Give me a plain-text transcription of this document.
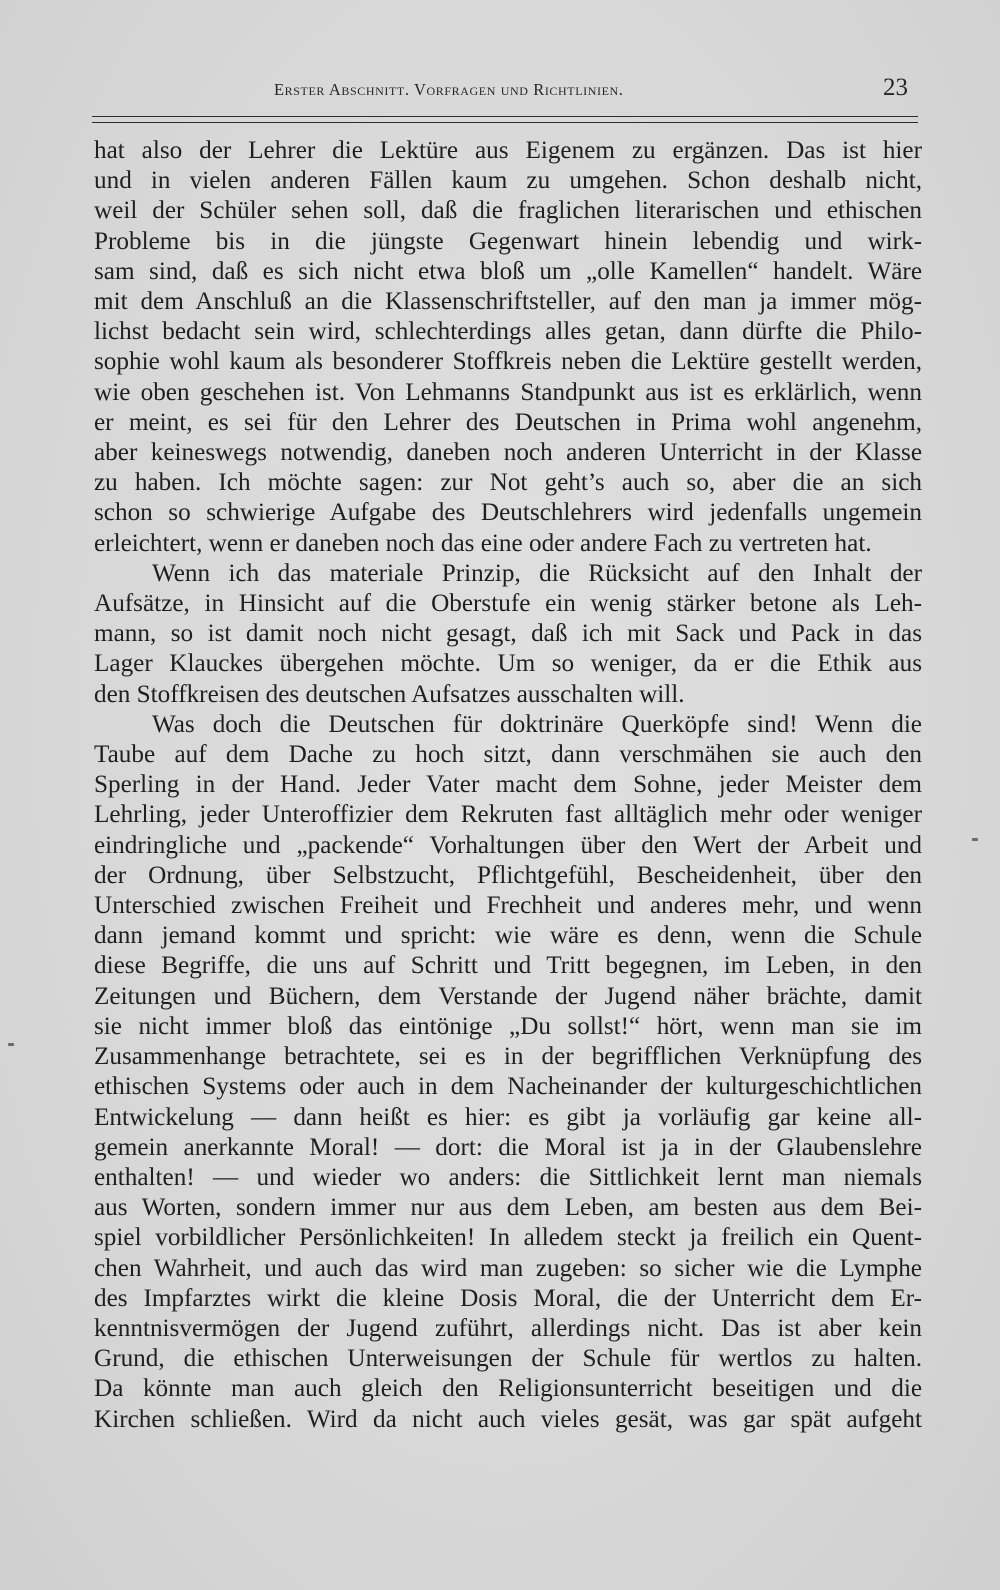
Erster Abschnitt. Vorfragen und Richtlinien.	23

hat also der Lehrer die Lektüre aus Eigenem zu ergänzen. Das ist hier

und in vielen anderen Fällen kaum zu umgehen. Schon deshalb nicht,

weil der Schüler sehen soll, daß die fraglichen literarischen und ethischen

Probleme bis in die jüngste Gegenwart hinein lebendig und wirk-

sam sind, daß es sich nicht etwa bloß um „olle Kamellen“ handelt. Wäre

mit dem Anschluß an die Klassenschriftsteller, auf den man ja immer mög-

lichst bedacht sein wird, schlechterdings alles getan, dann dürfte die Philo-

sophie wohl kaum als besonderer Stoffkreis neben die Lektüre gestellt werden,

wie oben geschehen ist. Von Lehmanns Standpunkt aus ist es erklärlich, wenn

er meint, es sei für den Lehrer des Deutschen in Prima wohl angenehm,

aber keineswegs notwendig, daneben noch anderen Unterricht in der Klasse

zu haben. Ich möchte sagen: zur Not geht’s auch so, aber die an sich

schon so schwierige Aufgabe des Deutschlehrers wird jedenfalls ungemein

erleichtert, wenn er daneben noch das eine oder andere Fach zu vertreten hat.

Wenn ich das materiale Prinzip, die Rücksicht auf den Inhalt der

Aufsätze, in Hinsicht auf die Oberstufe ein wenig stärker betone als Leh-

mann, so ist damit noch nicht gesagt, daß ich mit Sack und Pack in das

Lager Klauckes übergehen möchte. Um so weniger, da er die Ethik aus

den Stoffkreisen des deutschen Aufsatzes ausschalten will.

Was doch die Deutschen für doktrinäre Querköpfe sind! Wenn die

Taube auf dem Dache zu hoch sitzt, dann verschmähen sie auch den

Sperling in der Hand. Jeder Vater macht dem Sohne, jeder Meister dem

Lehrling, jeder Unteroffizier dem Rekruten fast alltäglich mehr oder weniger

eindringliche und „packende“ Vorhaltungen über den Wert der Arbeit und

der Ordnung, über Selbstzucht, Pflichtgefühl, Bescheidenheit, über den

Unterschied zwischen Freiheit und Frechheit und anderes mehr, und wenn

dann jemand kommt und spricht: wie wäre es denn, wenn die Schule

diese Begriffe, die uns auf Schritt und Tritt begegnen, im Leben, in den

Zeitungen und Büchern, dem Verstande der Jugend näher brächte, damit

sie nicht immer bloß das eintönige „Du sollst!“ hört, wenn man sie im

Zusammenhange betrachtete, sei es in der begrifflichen Verknüpfung des

ethischen Systems oder auch in dem Nacheinander der kulturgeschichtlichen

Entwickelung — dann heißt es hier: es gibt ja vorläufig gar keine all-

gemein anerkannte Moral! — dort: die Moral ist ja in der Glaubenslehre

enthalten! — und wieder wo anders: die Sittlichkeit lernt man niemals

aus Worten, sondern immer nur aus dem Leben, am besten aus dem Bei-

spiel vorbildlicher Persönlichkeiten! In alledem steckt ja freilich ein Quent-

chen Wahrheit, und auch das wird man zugeben: so sicher wie die Lymphe

des Impfarztes wirkt die kleine Dosis Moral, die der Unterricht dem Er-

kenntnisvermögen der Jugend zuführt, allerdings nicht. Das ist aber kein

Grund, die ethischen Unterweisungen der Schule für wertlos zu halten.

Da könnte man auch gleich den Religionsunterricht beseitigen und die

Kirchen schließen. Wird da nicht auch vieles gesät, was gar spät aufgeht
